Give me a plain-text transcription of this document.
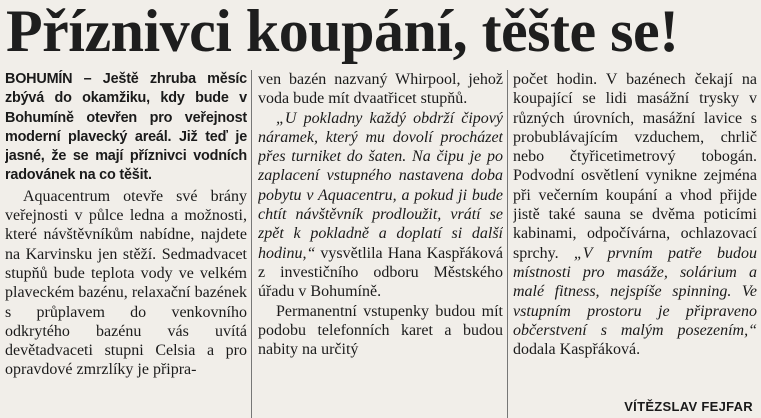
Příznivci koupání, těšte se!
BOHUMÍN – Ještě zhruba měsíc zbývá do okamžiku, kdy bude v Bohumíně otevřen pro veřejnost moderní plavecký areál. Již teď je jasné, že se mají příznivci vodních radovánek na co těšit.

Aquacentrum otevře své brány veřejnosti v půlce ledna a možnosti, které návštěvníkům nabídne, najdete na Karvinsku jen stěží. Sedmadvacet stupňů bude teplota vody ve velkém plaveckém bazénu, relaxační bazének s průplavem do venkovního odkrytého bazénu vás uvítá devětadvaceti stupni Celsia a pro opravdové zmrzlíky je připra-

ven bazén nazvaný Whirpool, jehož voda bude mít dvaatřicet stupňů.

„U pokladny každý obdrží čipový náramek, který mu dovolí procházet přes turniket do šaten. Na čipu je po zaplacení vstupného nastavena doba pobytu v Aquacentru, a pokud ji bude chtít návštěvník prodloužit, vrátí se zpět k pokladně a doplatí si další hodinu,“ vysvětlila Hana Kaspřáková z investičního odboru Městského úřadu v Bohumíně.

Permanentní vstupenky budou mít podobu telefonních karet a budou nabity na určitý

počet hodin. V bazénech čekají na koupající se lidi masážní trysky v různých úrovních, masážní lavice s probublávajícím vzduchem, chrlič nebo čtyřicetimetrový tobogán. Podvodní osvětlení vynikne zejména při večerním koupání a vhod přijde jistě také sauna se dvěma poticími kabinami, odpočívárna, ochlazovací sprchy. „V prvním patře budou místnosti pro masáže, solárium a malé fitness, nejspíše spinning. Ve vstupním prostoru je připraveno občerstvení s malým posezením,“ dodala Kaspřáková.

VÍTĚZSLAV FEJFAR
